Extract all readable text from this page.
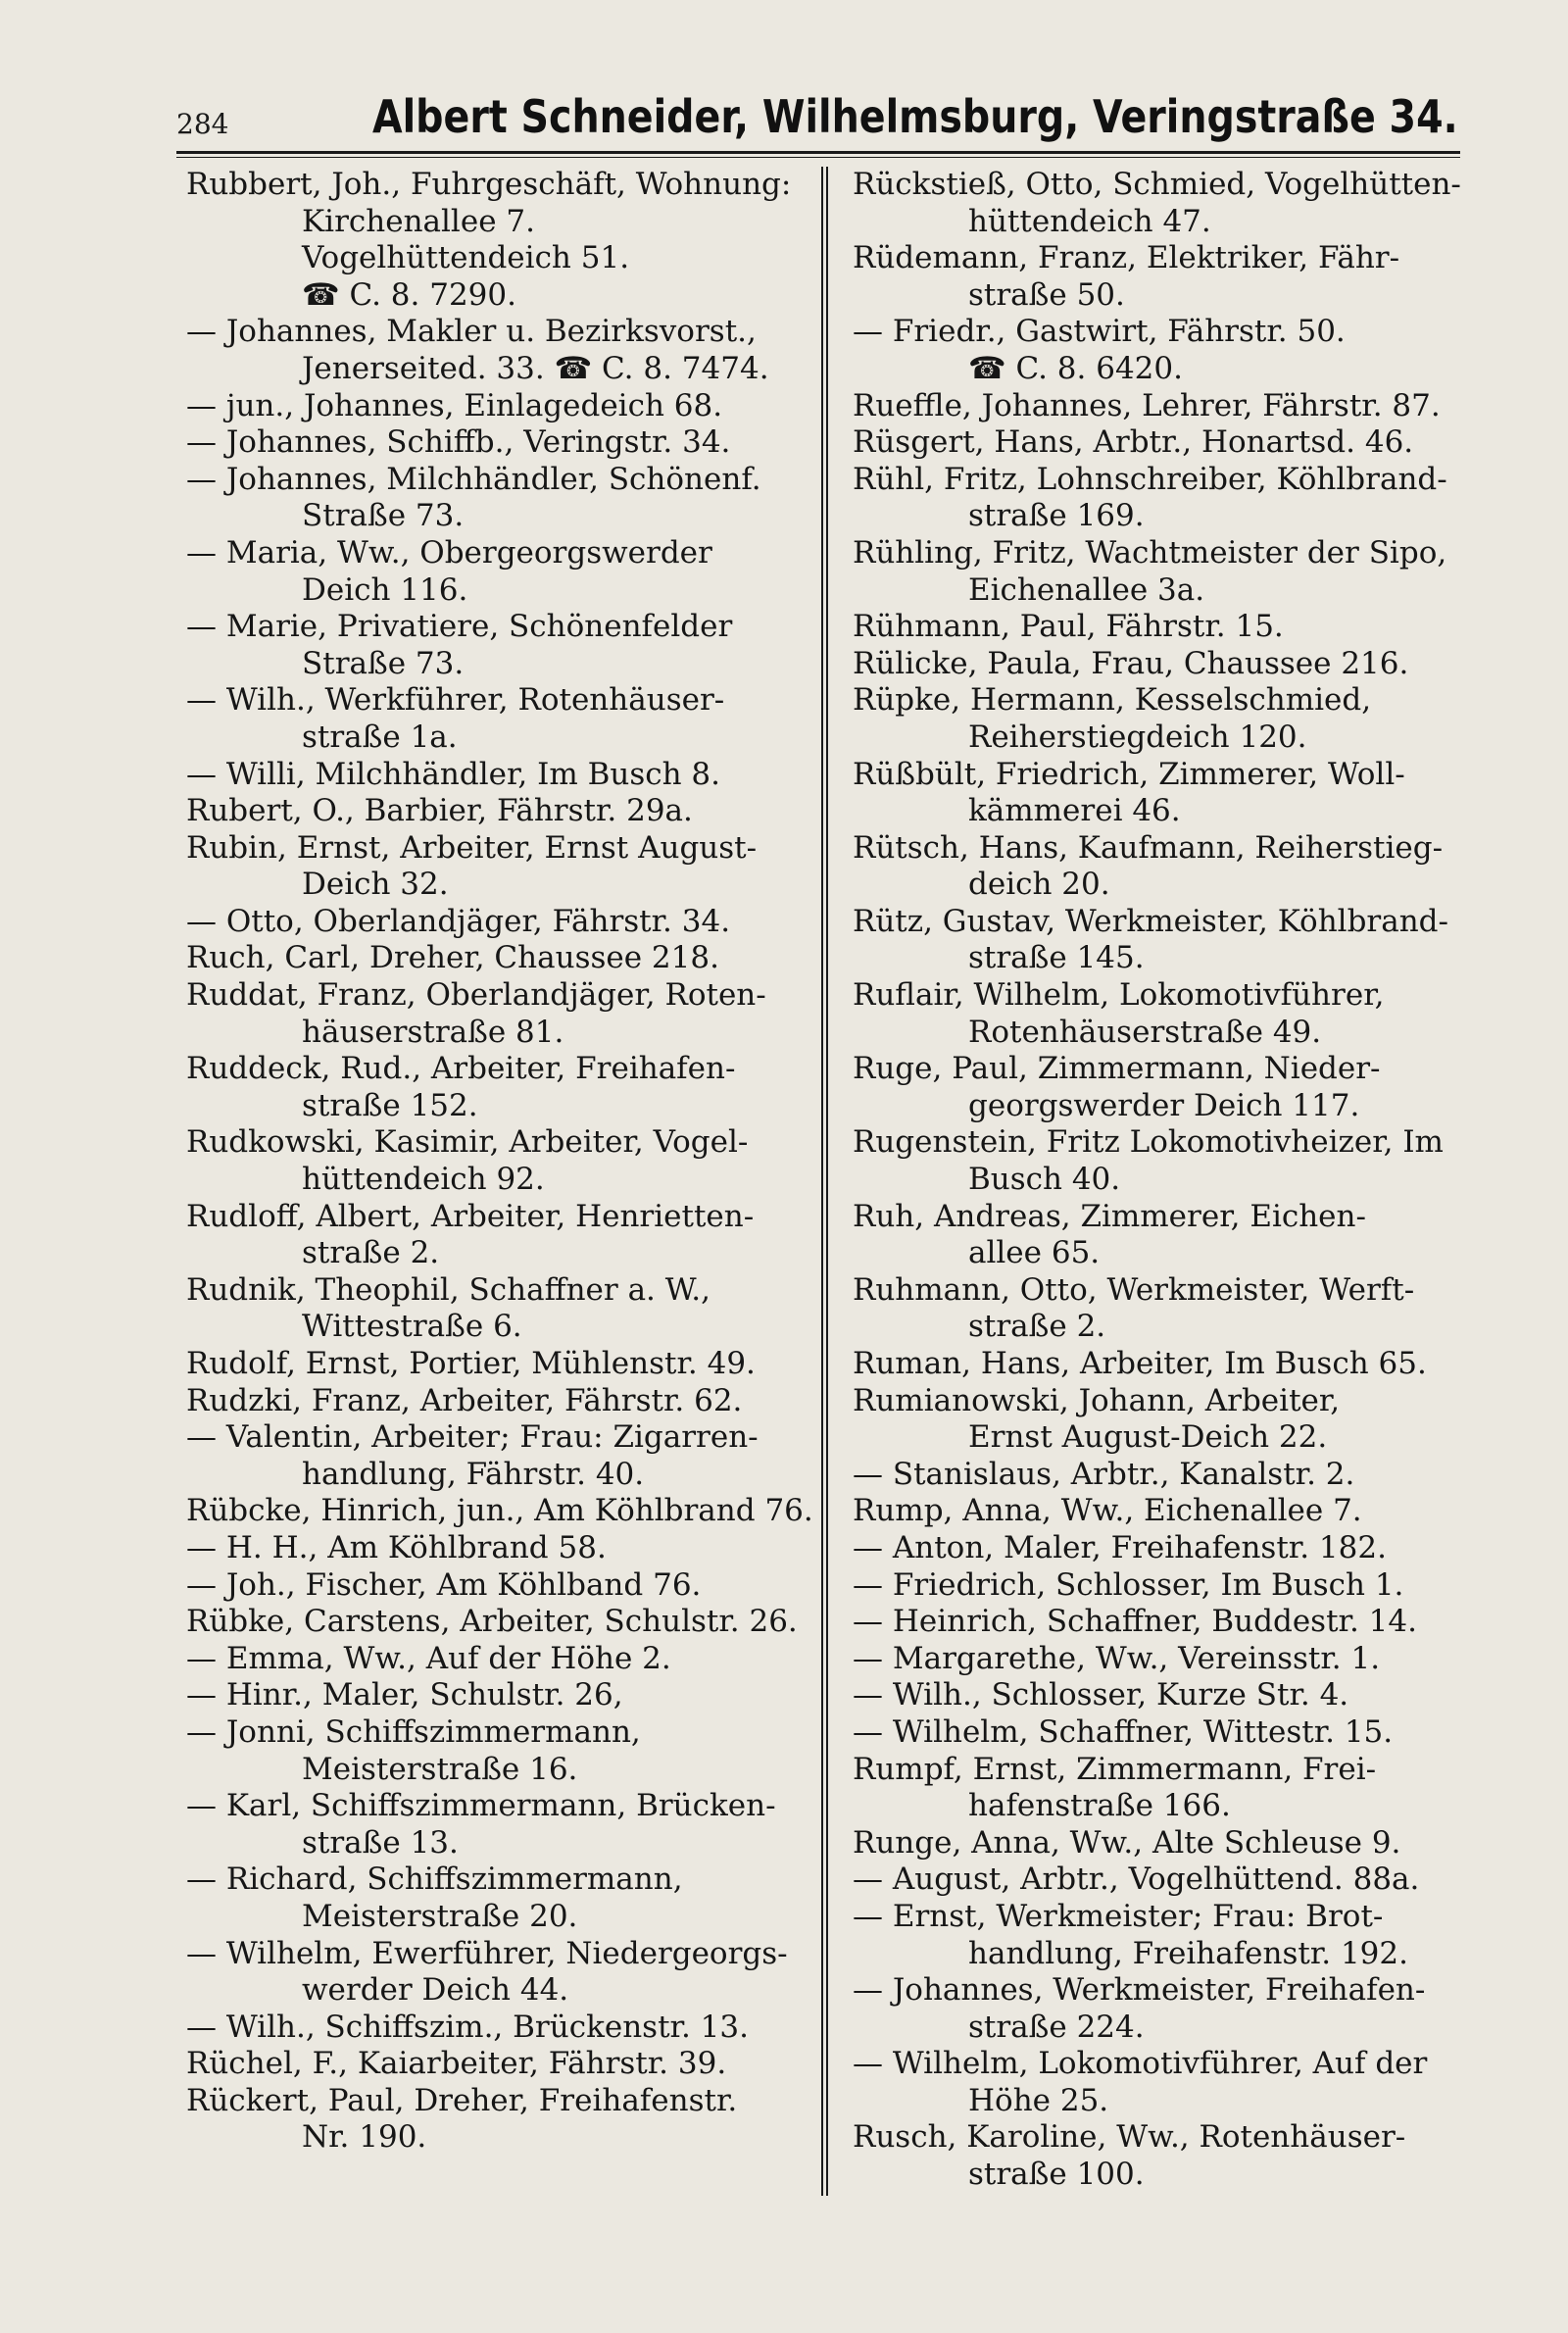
284	Albert Schneider, Wilhelmsburg, Veringstraße 34.
Rubbert, Joh., Fuhrgeschäft, Wohnung:
Kirchenallee 7.
Vogelhüttendeich 51.
☎ C. 8. 7290.
— Johannes, Makler u. Bezirksvorst.,
Jenerseited. 33. ☎ C. 8. 7474.
— jun., Johannes, Einlagedeich 68.
— Johannes, Schiffb., Veringstr. 34.
— Johannes, Milchhändler, Schönenf.
Straße 73.
— Maria, Ww., Obergeorgswerder
Deich 116.
— Marie, Privatiere, Schönenfelder
Straße 73.
— Wilh., Werkführer, Rotenhäuser-
straße 1a.
— Willi, Milchhändler, Im Busch 8.
Rubert, O., Barbier, Fährstr. 29a.
Rubin, Ernst, Arbeiter, Ernst August-
Deich 32.
— Otto, Oberlandjäger, Fährstr. 34.
Ruch, Carl, Dreher, Chaussee 218.
Ruddat, Franz, Oberlandjäger, Roten-
häuserstraße 81.
Ruddeck, Rud., Arbeiter, Freihafen-
straße 152.
Rudkowski, Kasimir, Arbeiter, Vogel-
hüttendeich 92.
Rudloff, Albert, Arbeiter, Henrietten-
straße 2.
Rudnik, Theophil, Schaffner a. W.,
Wittestraße 6.
Rudolf, Ernst, Portier, Mühlenstr. 49.
Rudzki, Franz, Arbeiter, Fährstr. 62.
— Valentin, Arbeiter; Frau: Zigarren-
handlung, Fährstr. 40.
Rübcke, Hinrich, jun., Am Köhlbrand 76.
— H. H., Am Köhlbrand 58.
— Joh., Fischer, Am Köhlband 76.
Rübke, Carstens, Arbeiter, Schulstr. 26.
— Emma, Ww., Auf der Höhe 2.
— Hinr., Maler, Schulstr. 26,
— Jonni, Schiffszimmermann,
Meisterstraße 16.
— Karl, Schiffszimmermann, Brücken-
straße 13.
— Richard, Schiffszimmermann,
Meisterstraße 20.
— Wilhelm, Ewerführer, Niedergeorgs-
werder Deich 44.
— Wilh., Schiffszim., Brückenstr. 13.
Rüchel, F., Kaiarbeiter, Fährstr. 39.
Rückert, Paul, Dreher, Freihafenstr.
Nr. 190.
Rückstieß, Otto, Schmied, Vogelhütten-
hüttendeich 47.
Rüdemann, Franz, Elektriker, Fähr-
straße 50.
— Friedr., Gastwirt, Fährstr. 50.
☎ C. 8. 6420.
Rueffle, Johannes, Lehrer, Fährstr. 87.
Rüsgert, Hans, Arbtr., Honartsd. 46.
Rühl, Fritz, Lohnschreiber, Köhlbrand-
straße 169.
Rühling, Fritz, Wachtmeister der Sipo,
Eichenallee 3a.
Rühmann, Paul, Fährstr. 15.
Rülicke, Paula, Frau, Chaussee 216.
Rüpke, Hermann, Kesselschmied,
Reiherstiegdeich 120.
Rüßbült, Friedrich, Zimmerer, Woll-
kämmerei 46.
Rütsch, Hans, Kaufmann, Reiherstieg-
deich 20.
Rütz, Gustav, Werkmeister, Köhlbrand-
straße 145.
Ruflair, Wilhelm, Lokomotivführer,
Rotenhäuserstraße 49.
Ruge, Paul, Zimmermann, Nieder-
georgswerder Deich 117.
Rugenstein, Fritz Lokomotivheizer, Im
Busch 40.
Ruh, Andreas, Zimmerer, Eichen-
allee 65.
Ruhmann, Otto, Werkmeister, Werft-
straße 2.
Ruman, Hans, Arbeiter, Im Busch 65.
Rumianowski, Johann, Arbeiter,
Ernst August-Deich 22.
— Stanislaus, Arbtr., Kanalstr. 2.
Rump, Anna, Ww., Eichenallee 7.
— Anton, Maler, Freihafenstr. 182.
— Friedrich, Schlosser, Im Busch 1.
— Heinrich, Schaffner, Buddestr. 14.
— Margarethe, Ww., Vereinsstr. 1.
— Wilh., Schlosser, Kurze Str. 4.
— Wilhelm, Schaffner, Wittestr. 15.
Rumpf, Ernst, Zimmermann, Frei-
hafenstraße 166.
Runge, Anna, Ww., Alte Schleuse 9.
— August, Arbtr., Vogelhüttend. 88a.
— Ernst, Werkmeister; Frau: Brot-
handlung, Freihafenstr. 192.
— Johannes, Werkmeister, Freihafen-
straße 224.
— Wilhelm, Lokomotivführer, Auf der
Höhe 25.
Rusch, Karoline, Ww., Rotenhäuser-
straße 100.
